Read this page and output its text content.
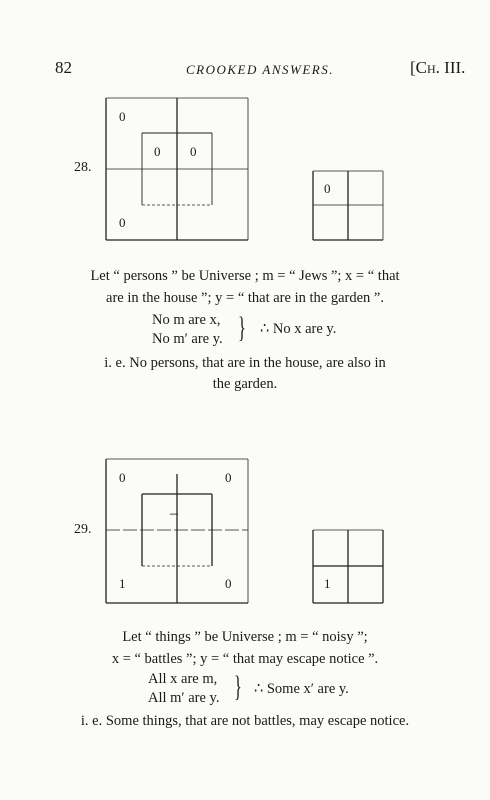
82	CROOKED ANSWERS.	[Ch. III.
28.
0
0 0
0
0
Let “ persons ” be Universe ; m = “ Jews ”; x = “ that
are in the house ”; y = “ that are in the garden ”.
No m are x,
No m′ are y. } ∴ No x are y.
i. e. No persons, that are in the house, are also in
the garden.
29.
0	0
–
1	0	1
Let “ things ” be Universe ; m = “ noisy ”;
x = “ battles ”; y = “ that may escape notice ”.
All x are m,
All m′ are y. } ∴ Some x′ are y.
i. e. Some things, that are not battles, may escape notice.
